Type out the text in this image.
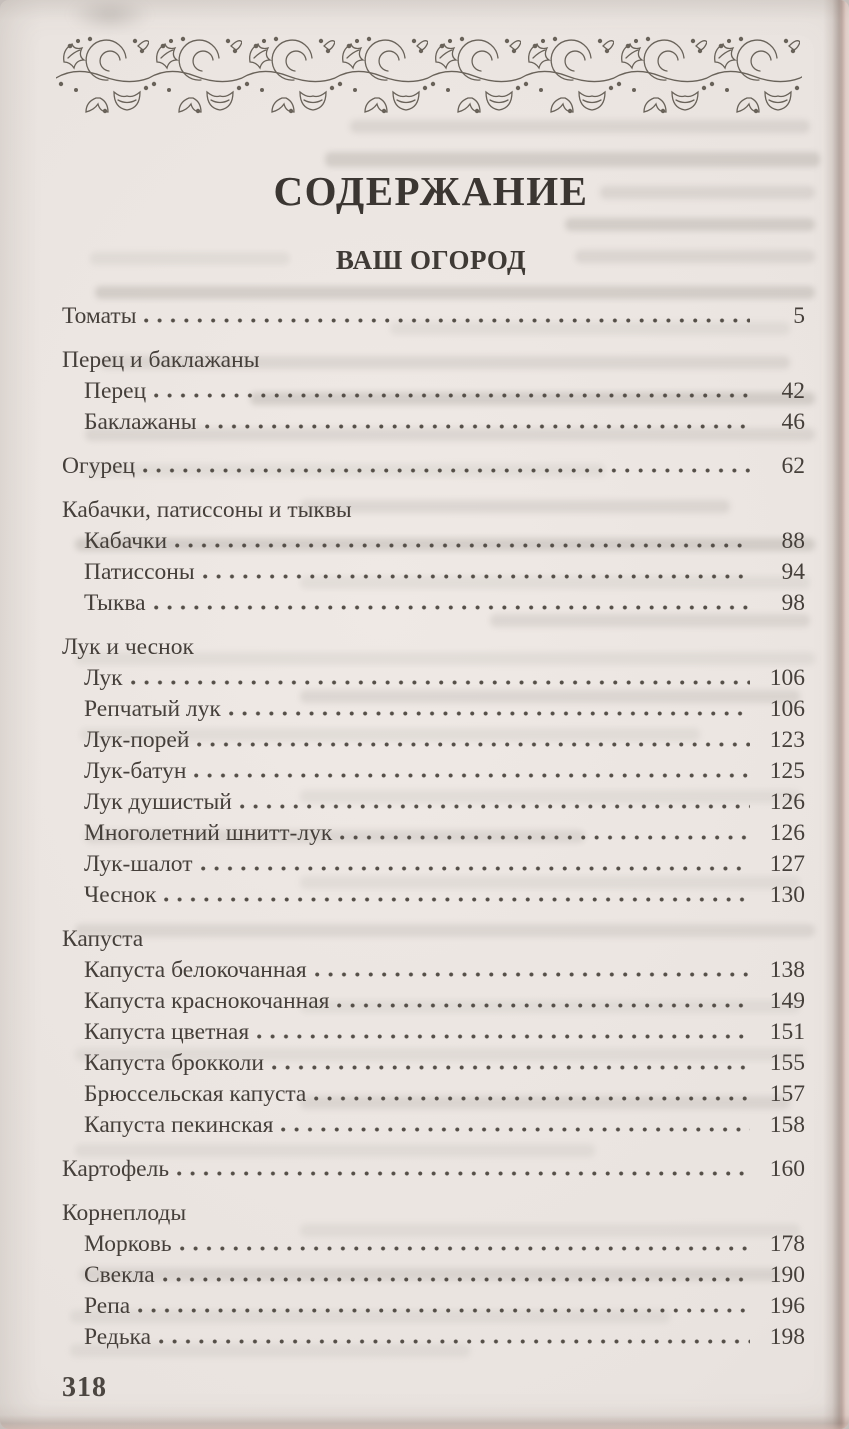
СОДЕРЖАНИЕ
ВАШ ОГОРОД
Томаты	5
Перец и баклажаны
Перец	42
Баклажаны	46
Огурец	62
Кабачки, патиссоны и тыквы
Кабачки	88
Патиссоны	94
Тыква	98
Лук и чеснок
Лук	106
Репчатый лук	106
Лук-порей	123
Лук-батун	125
Лук душистый	126
Многолетний шнитт-лук	126
Лук-шалот	127
Чеснок	130
Капуста
Капуста белокочанная	138
Капуста краснокочанная	149
Капуста цветная	151
Капуста брокколи	155
Брюссельская капуста	157
Капуста пекинская	158
Картофель	160
Корнеплоды
Морковь	178
Свекла	190
Репа	196
Редька	198
318
